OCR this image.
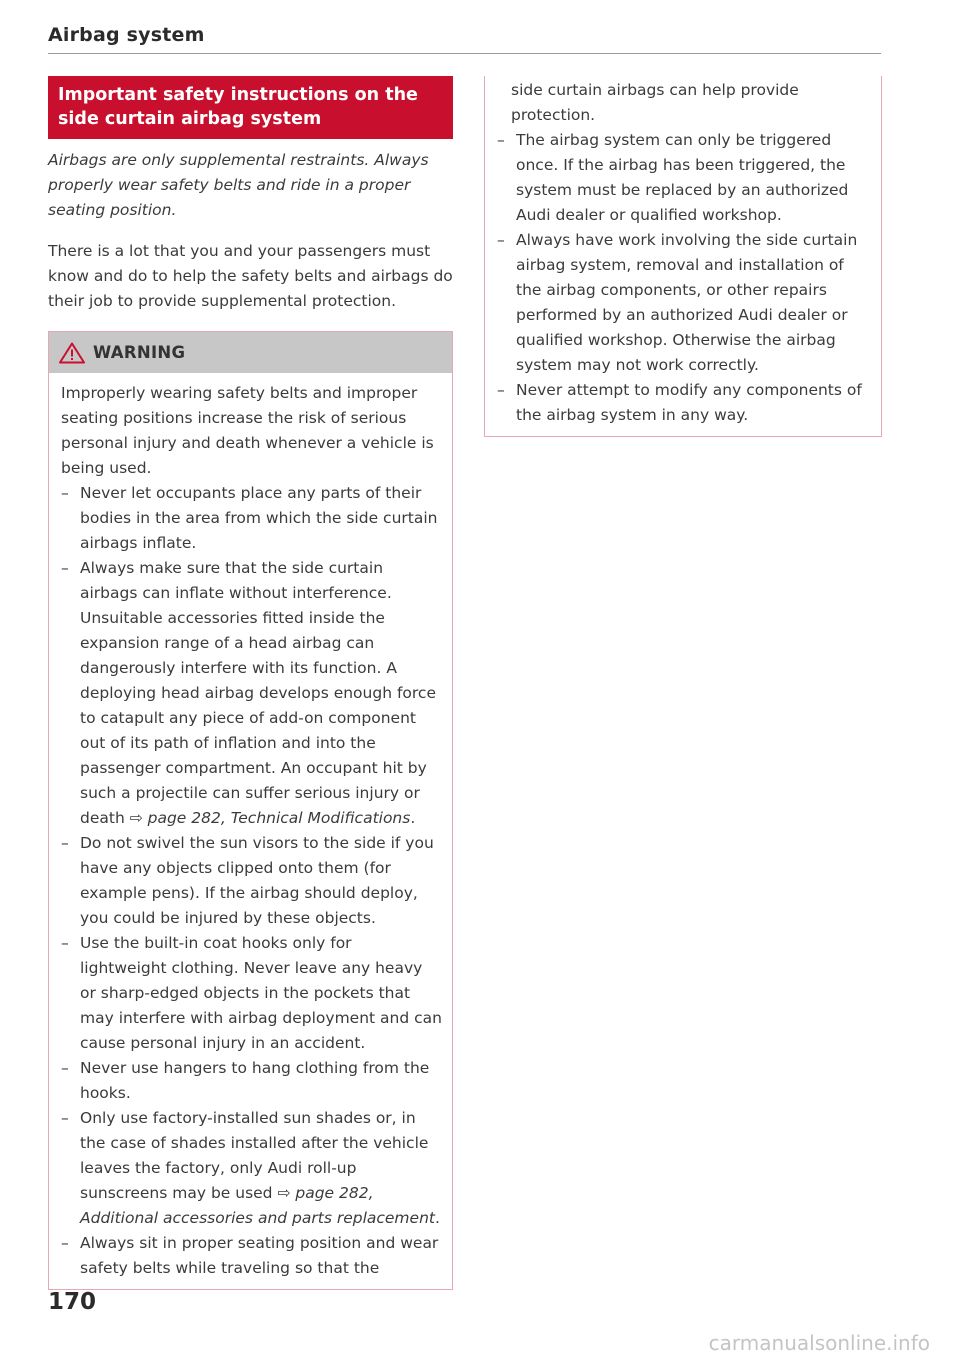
Airbag system
Important safety instructions on the side curtain airbag system

Airbags are only supplemental restraints. Always properly wear safety belts and ride in a proper seating position.

There is a lot that you and your passengers must know and do to help the safety belts and airbags do their job to provide supplemental protection.

WARNING

Improperly wearing safety belts and improper seating positions increase the risk of serious personal injury and death whenever a vehicle is being used.

– Never let occupants place any parts of their bodies in the area from which the side curtain airbags inflate.
– Always make sure that the side curtain airbags can inflate without interference. Unsuitable accessories fitted inside the expansion range of a head airbag can dangerously interfere with its function. A deploying head airbag develops enough force to catapult any piece of add-on component out of its path of inflation and into the passenger compartment. An occupant hit by such a projectile can suffer serious injury or death ⇨ page 282, Technical Modifications.
– Do not swivel the sun visors to the side if you have any objects clipped onto them (for example pens). If the airbag should deploy, you could be injured by these objects.
– Use the built-in coat hooks only for lightweight clothing. Never leave any heavy or sharp-edged objects in the pockets that may interfere with airbag deployment and can cause personal injury in an accident.
– Never use hangers to hang clothing from the hooks.
– Only use factory-installed sun shades or, in the case of shades installed after the vehicle leaves the factory, only Audi roll-up sunscreens may be used ⇨ page 282, Additional accessories and parts replacement.
– Always sit in proper seating position and wear safety belts while traveling so that the

side curtain airbags can help provide protection.

– The airbag system can only be triggered once. If the airbag has been triggered, the system must be replaced by an authorized Audi dealer or qualified workshop.
– Always have work involving the side curtain airbag system, removal and installation of the airbag components, or other repairs performed by an authorized Audi dealer or qualified workshop. Otherwise the airbag system may not work correctly.
– Never attempt to modify any components of the airbag system in any way.
170
carmanualsonline.info
